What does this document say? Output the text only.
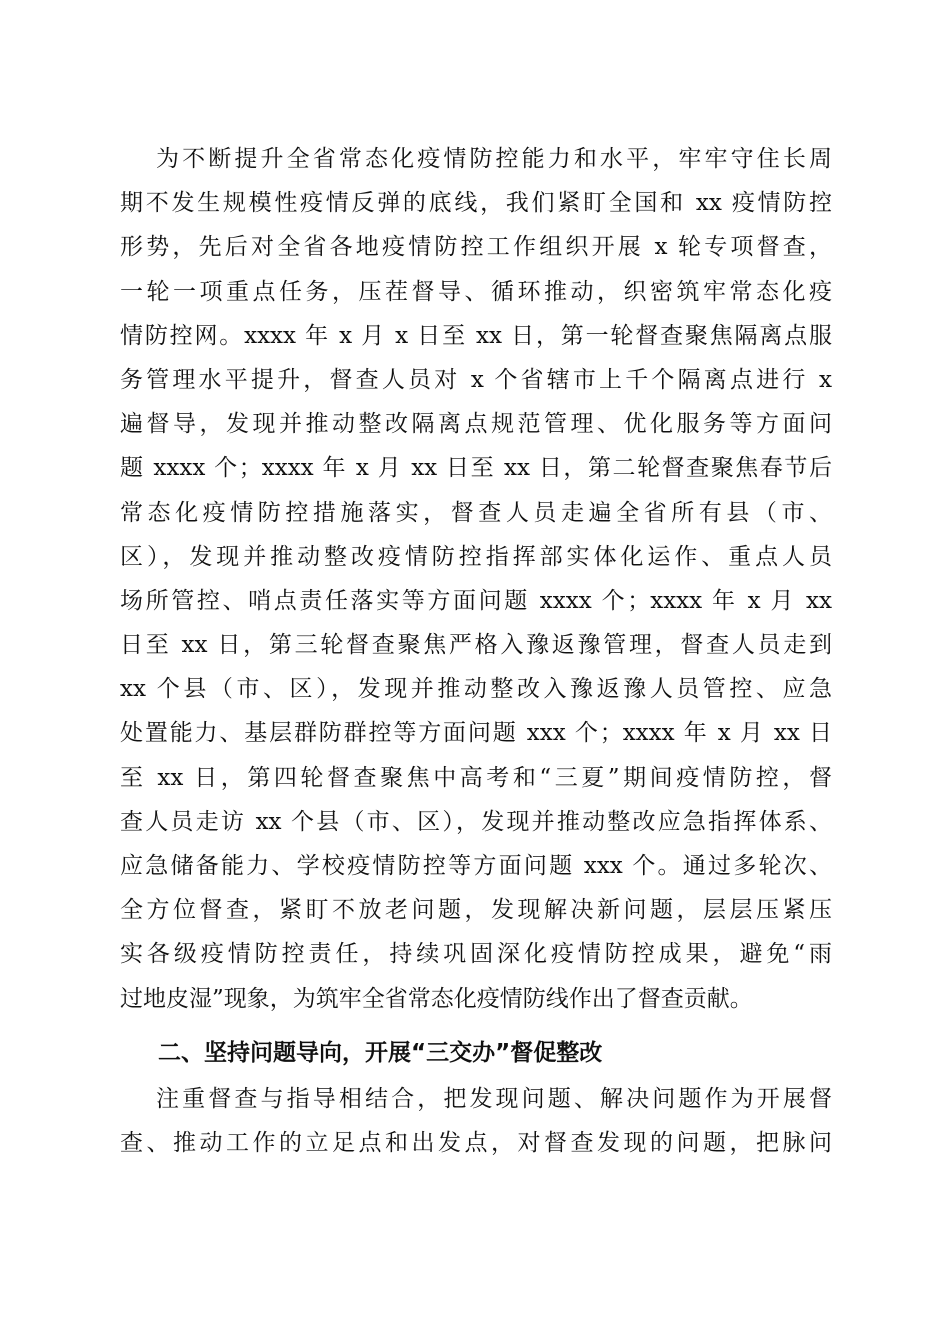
为不断提升全省常态化疫情防控能力和水平，牢牢守住长周
期不发生规模性疫情反弹的底线，我们紧盯全国和 xx 疫情防控
形势，先后对全省各地疫情防控工作组织开展 x 轮专项督查，
一轮一项重点任务，压茬督导、循环推动，织密筑牢常态化疫
情防控网。xxxx 年 x 月 x 日至 xx 日，第一轮督查聚焦隔离点服
务管理水平提升，督查人员对 x 个省辖市上千个隔离点进行 x
遍督导，发现并推动整改隔离点规范管理、优化服务等方面问
题 xxxx 个；xxxx 年 x 月 xx 日至 xx 日，第二轮督查聚焦春节后
常态化疫情防控措施落实，督查人员走遍全省所有县（市、
区），发现并推动整改疫情防控指挥部实体化运作、重点人员
场所管控、哨点责任落实等方面问题 xxxx 个；xxxx 年 x 月 xx
日至 xx 日，第三轮督查聚焦严格入豫返豫管理，督查人员走到
xx 个县（市、区），发现并推动整改入豫返豫人员管控、应急
处置能力、基层群防群控等方面问题 xxx 个；xxxx 年 x 月 xx 日
至 xx 日，第四轮督查聚焦中高考和“三夏”期间疫情防控，督
查人员走访 xx 个县（市、区），发现并推动整改应急指挥体系、
应急储备能力、学校疫情防控等方面问题 xxx 个。通过多轮次、
全方位督查，紧盯不放老问题，发现解决新问题，层层压紧压
实各级疫情防控责任，持续巩固深化疫情防控成果，避免“雨
过地皮湿”现象，为筑牢全省常态化疫情防线作出了督查贡献。
二、坚持问题导向，开展“三交办”督促整改
注重督查与指导相结合，把发现问题、解决问题作为开展督
查、推动工作的立足点和出发点，对督查发现的问题，把脉问
